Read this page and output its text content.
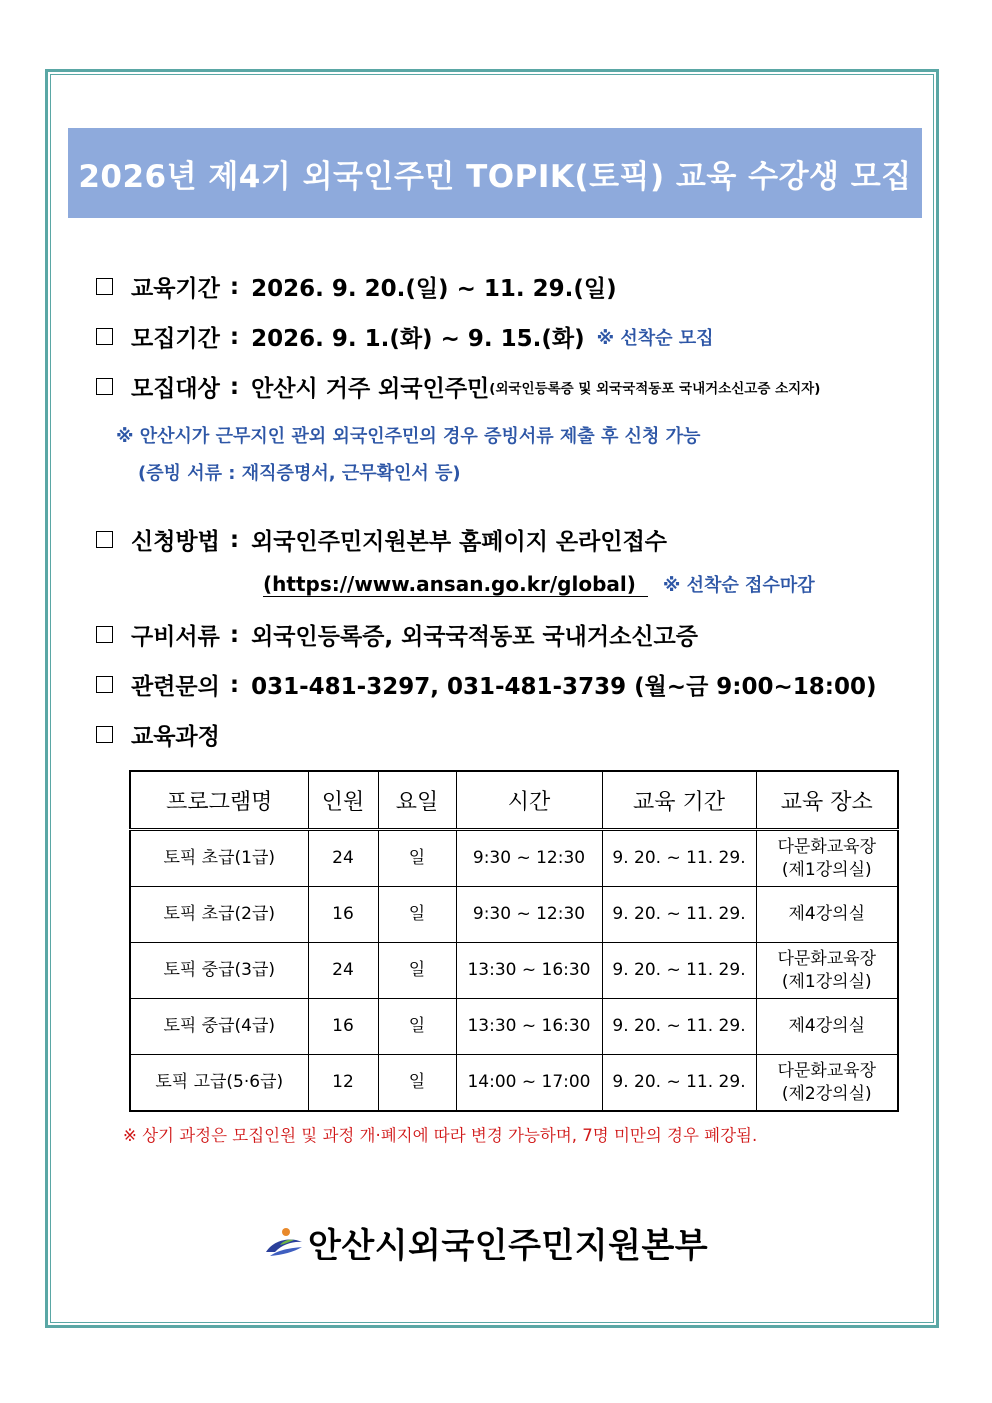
2026년 제4기 외국인주민 TOPIK(토픽) 교육 수강생 모집
교육기간 : 2026. 9. 20.(일) ~ 11. 29.(일)
모집기간 : 2026. 9. 1.(화) ~ 9. 15.(화) ※ 선착순 모집
모집대상 : 안산시 거주 외국인주민 (외국인등록증 및 외국국적동포 국내거소신고증 소지자)
※ 안산시가 근무지인 관외 외국인주민의 경우 증빙서류 제출 후 신청 가능
(증빙 서류 : 재직증명서, 근무확인서 등)
신청방법 : 외국인주민지원본부 홈페이지 온라인접수
(https://www.ansan.go.kr/global) ※ 선착순 접수마감
구비서류 : 외국인등록증, 외국국적동포 국내거소신고증
관련문의 : 031-481-3297, 031-481-3739 (월~금 9:00~18:00)
교육과정
프로그램명	인원	요일	시간	교육 기간	교육 장소
토픽 초급(1급)	24	일	9:30 ~ 12:30	9. 20. ~ 11. 29.	다문화교육장
(제1강의실)

토픽 초급(2급)	16	일	9:30 ~ 12:30	9. 20. ~ 11. 29.	제4강의실

토픽 중급(3급)	24	일	13:30 ~ 16:30	9. 20. ~ 11. 29.	다문화교육장
(제1강의실)

토픽 중급(4급)	16	일	13:30 ~ 16:30	9. 20. ~ 11. 29.	제4강의실

토픽 고급(5·6급)	12	일	14:00 ~ 17:00	9. 20. ~ 11. 29.	다문화교육장
(제2강의실)
※ 상기 과정은 모집인원 및 과정 개·폐지에 따라 변경 가능하며, 7명 미만의 경우 폐강됨.
안산시외국인주민지원본부
